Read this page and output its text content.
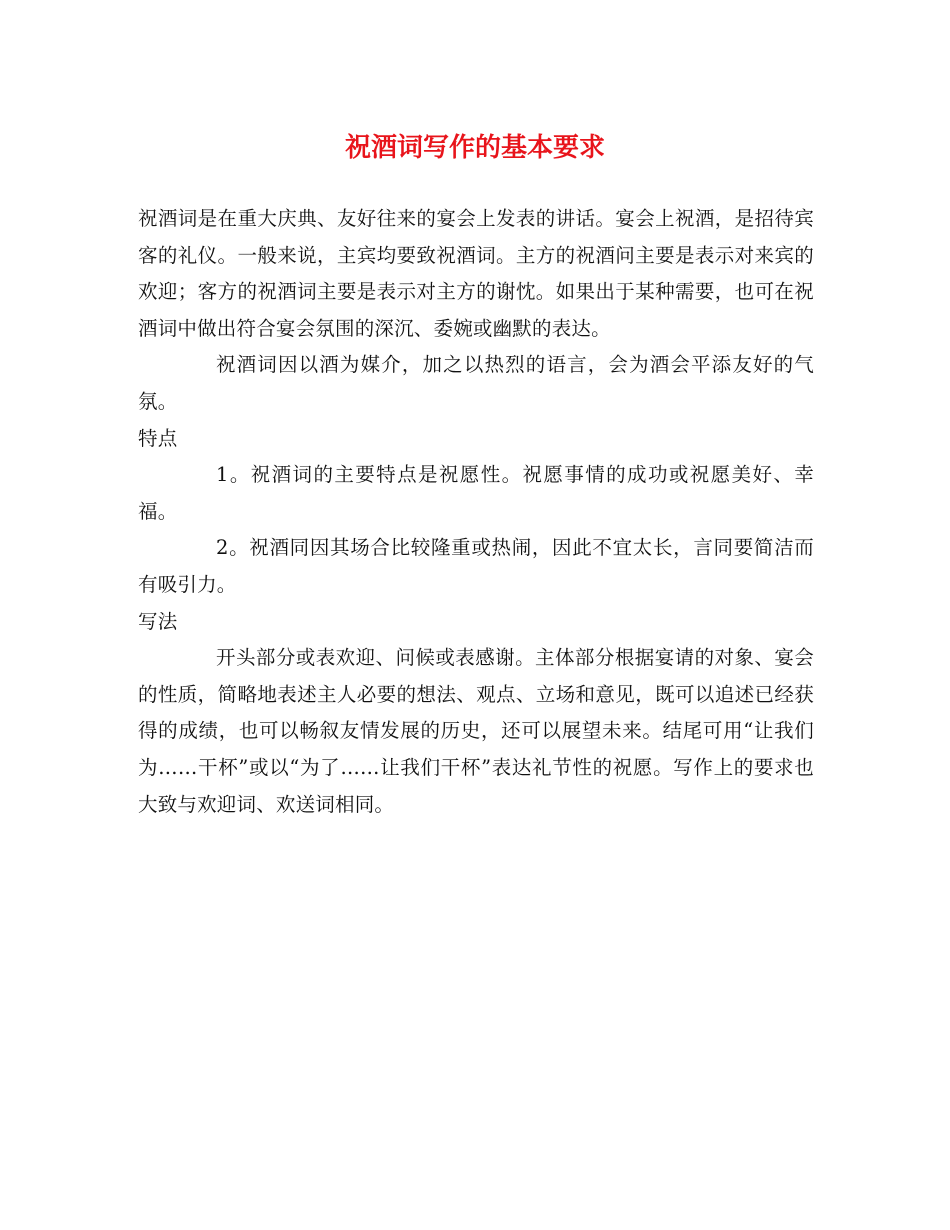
祝酒词写作的基本要求

祝酒词是在重大庆典、友好往来的宴会上发表的讲话。宴会上祝酒，是招待宾客的礼仪。一般来说，主宾均要致祝酒词。主方的祝酒问主要是表示对来宾的欢迎；客方的祝酒词主要是表示对主方的谢忱。如果出于某种需要，也可在祝酒词中做出符合宴会氛围的深沉、委婉或幽默的表达。

祝酒词因以酒为媒介，加之以热烈的语言，会为酒会平添友好的气氛。

特点

1。祝酒词的主要特点是祝愿性。祝愿事情的成功或祝愿美好、幸福。

2。祝酒同因其场合比较隆重或热闹，因此不宜太长，言同要简洁而有吸引力。

写法

开头部分或表欢迎、问候或表感谢。主体部分根据宴请的对象、宴会的性质，简略地表述主人必要的想法、观点、立场和意见，既可以追述已经获得的成绩，也可以畅叙友情发展的历史，还可以展望未来。结尾可用“让我们为……干杯”或以“为了……让我们干杯”表达礼节性的祝愿。写作上的要求也大致与欢迎词、欢送词相同。
